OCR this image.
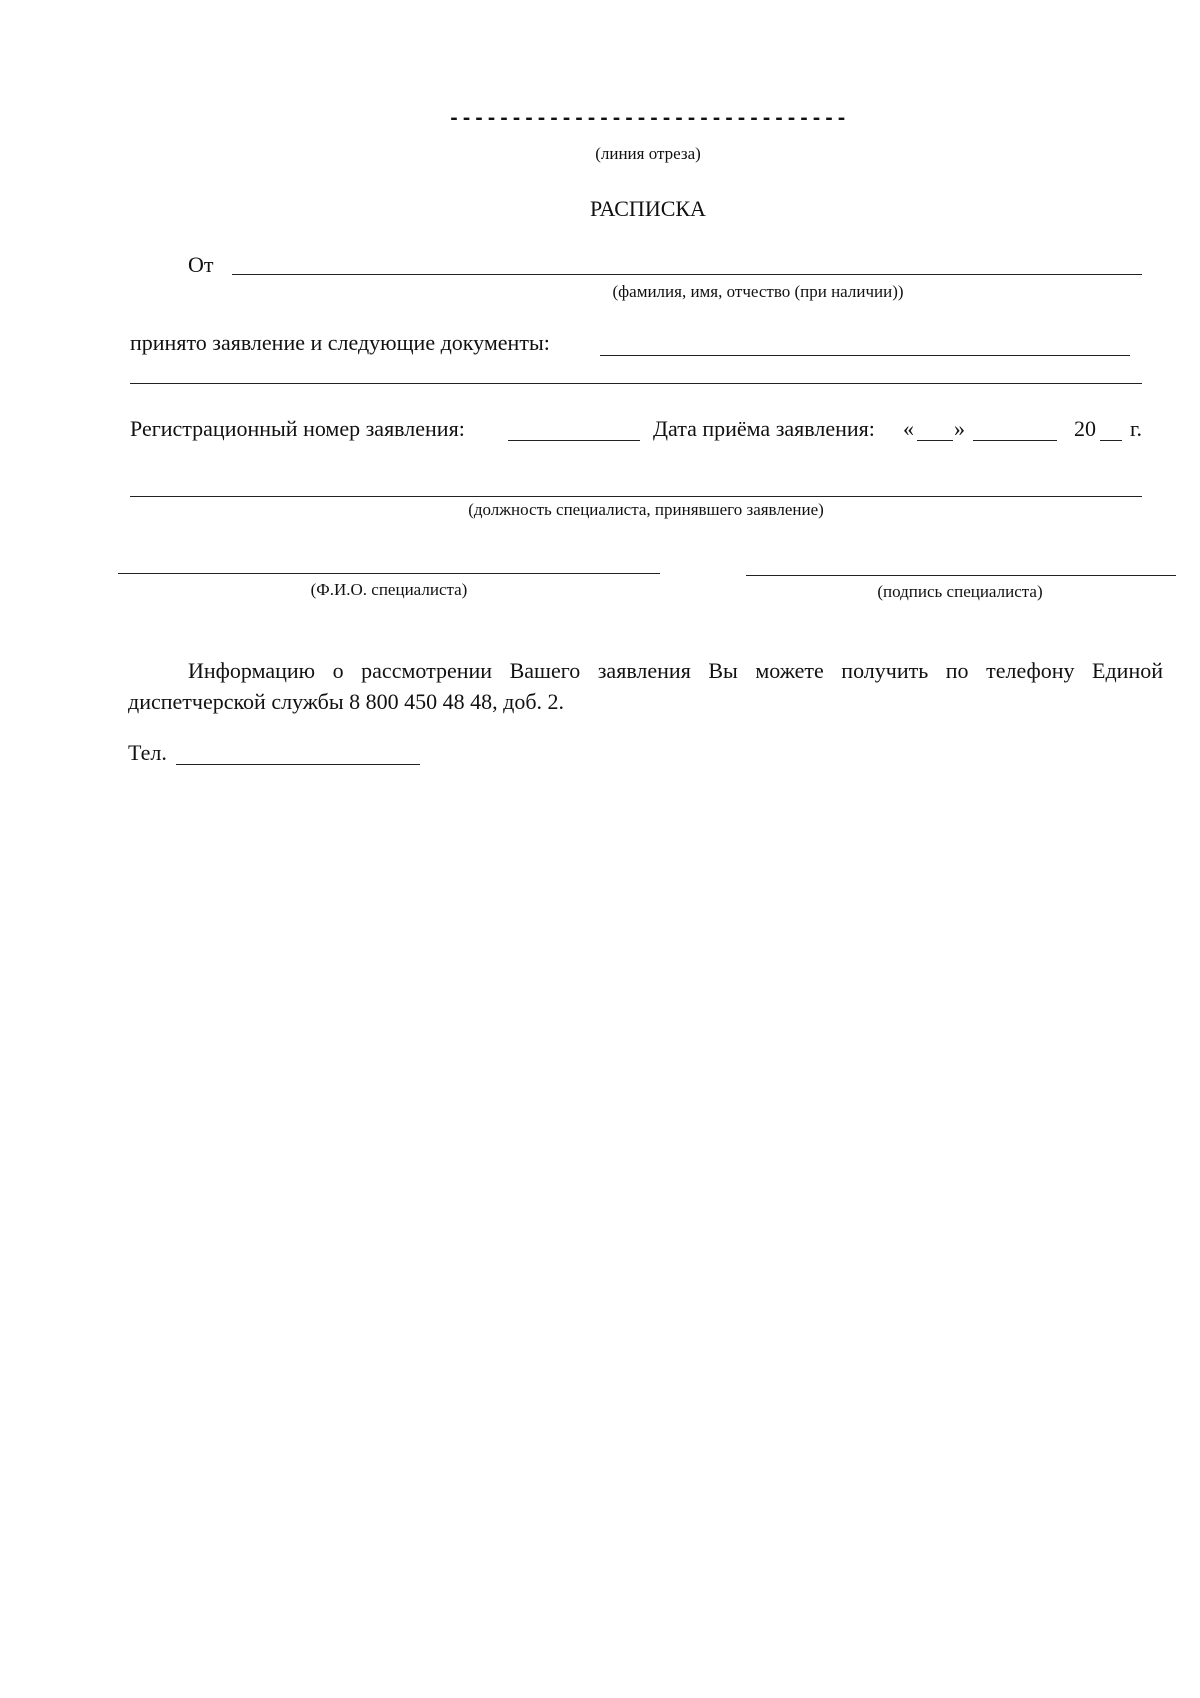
--------------------------------
(линия отреза)
РАСПИСКА
От
(фамилия, имя, отчество (при наличии))
принято заявление и следующие документы:
Регистрационный номер заявления:	Дата приёма заявления: « »	20 г.
(должность специалиста, принявшего заявление)
(Ф.И.О. специалиста)	(подпись специалиста)
Информацию о рассмотрении Вашего заявления Вы можете получить по телефону Единой
диспетчерской службы 8 800 450 48 48, доб. 2.
Тел.
